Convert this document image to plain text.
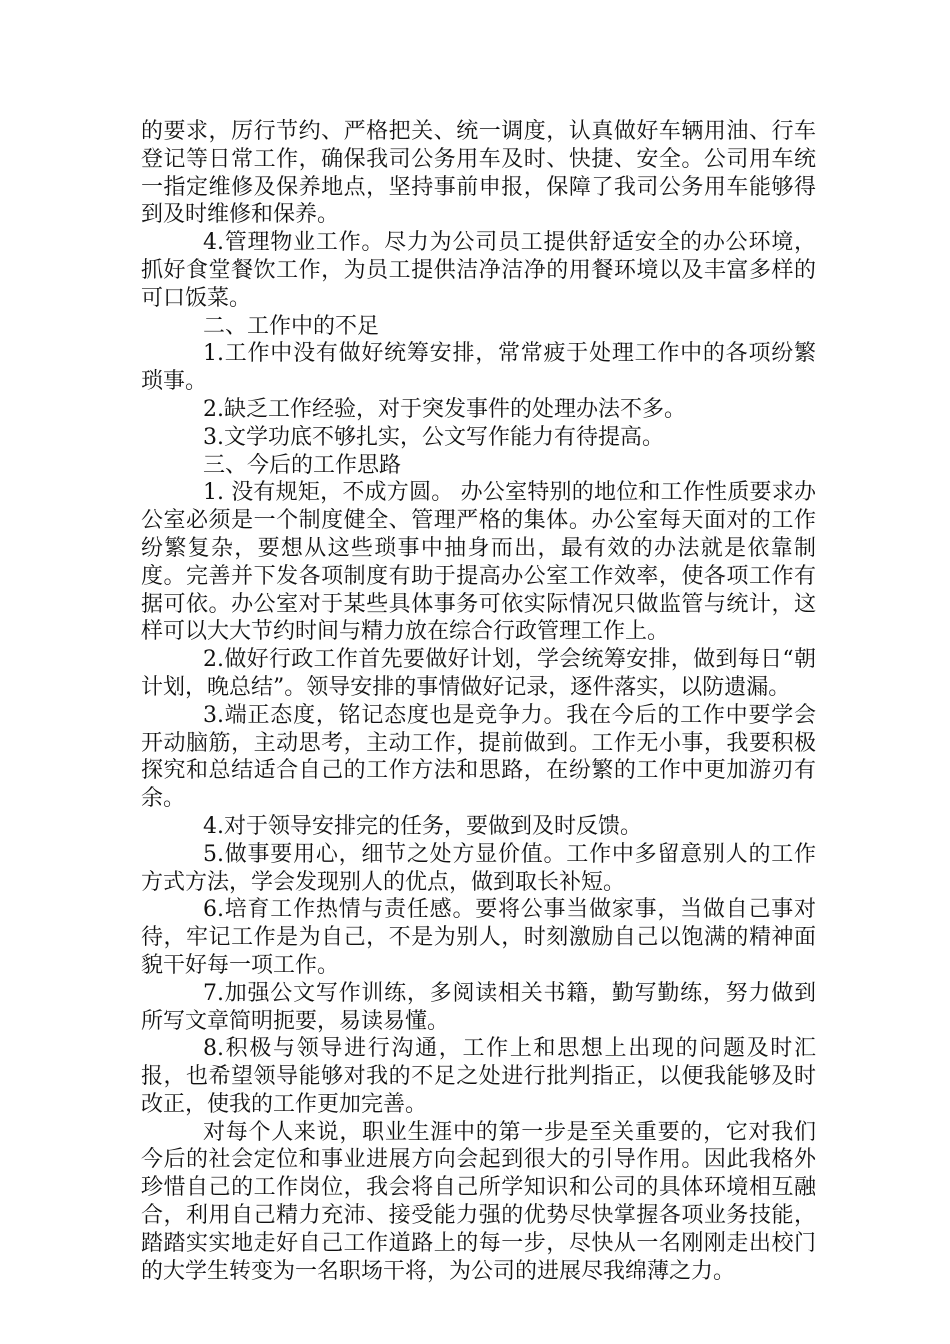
的要求，厉行节约、严格把关、统一调度，认真做好车辆用油、行车登记等日常工作，确保我司公务用车及时、快捷、安全。公司用车统一指定维修及保养地点，坚持事前申报，保障了我司公务用车能够得到及时维修和保养。

4.管理物业工作。尽力为公司员工提供舒适安全的办公环境，抓好食堂餐饮工作，为员工提供洁净洁净的用餐环境以及丰富多样的可口饭菜。

二、工作中的不足

1.工作中没有做好统筹安排，常常疲于处理工作中的各项纷繁琐事。

2.缺乏工作经验，对于突发事件的处理办法不多。

3.文学功底不够扎实，公文写作能力有待提高。

三、今后的工作思路

1. 没有规矩，不成方圆。 办公室特别的地位和工作性质要求办公室必须是一个制度健全、管理严格的集体。办公室每天面对的工作纷繁复杂，要想从这些琐事中抽身而出，最有效的办法就是依靠制度。完善并下发各项制度有助于提高办公室工作效率，使各项工作有据可依。办公室对于某些具体事务可依实际情况只做监管与统计，这样可以大大节约时间与精力放在综合行政管理工作上。

2.做好行政工作首先要做好计划，学会统筹安排，做到每日“朝计划，晚总结”。领导安排的事情做好记录，逐件落实，以防遗漏。

3.端正态度，铭记态度也是竞争力。我在今后的工作中要学会开动脑筋，主动思考，主动工作，提前做到。工作无小事，我要积极探究和总结适合自己的工作方法和思路，在纷繁的工作中更加游刃有余。

4.对于领导安排完的任务，要做到及时反馈。

5.做事要用心，细节之处方显价值。工作中多留意别人的工作方式方法，学会发现别人的优点，做到取长补短。

6.培育工作热情与责任感。要将公事当做家事，当做自己事对待，牢记工作是为自己，不是为别人，时刻激励自己以饱满的精神面貌干好每一项工作。

7.加强公文写作训练，多阅读相关书籍，勤写勤练，努力做到所写文章简明扼要，易读易懂。

8.积极与领导进行沟通，工作上和思想上出现的问题及时汇报，也希望领导能够对我的不足之处进行批判指正，以便我能够及时改正，使我的工作更加完善。

对每个人来说，职业生涯中的第一步是至关重要的，它对我们今后的社会定位和事业进展方向会起到很大的引导作用。因此我格外珍惜自己的工作岗位，我会将自己所学知识和公司的具体环境相互融合，利用自己精力充沛、接受能力强的优势尽快掌握各项业务技能，踏踏实实地走好自己工作道路上的每一步，尽快从一名刚刚走出校门的大学生转变为一名职场干将，为公司的进展尽我绵薄之力。
